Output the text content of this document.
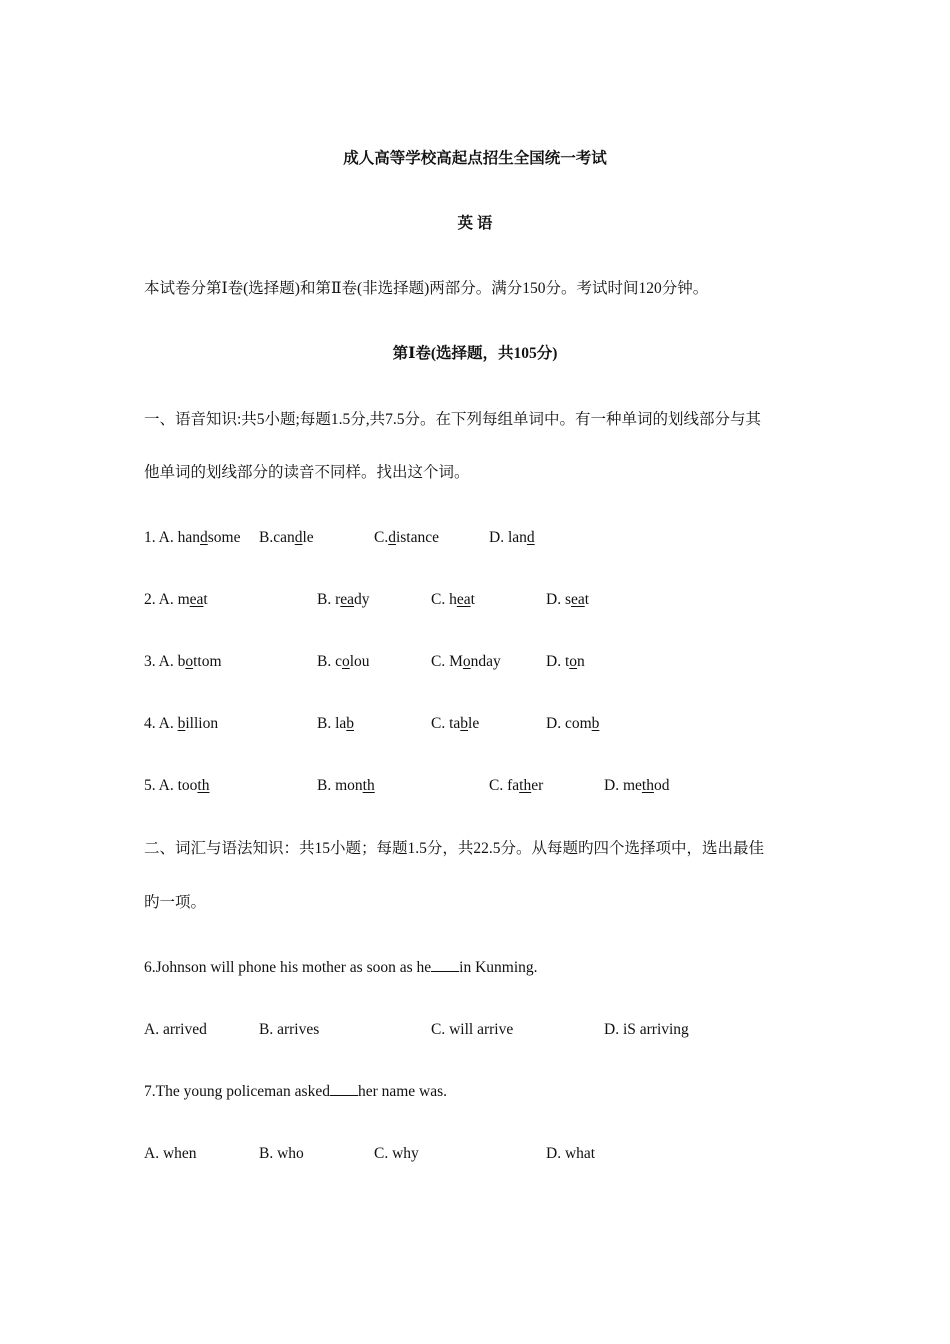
成人高等学校高起点招生全国统一考试
英 语
本试卷分第Ⅰ卷(选择题)和第Ⅱ卷(非选择题)两部分。满分150分。考试时间120分钟。
第Ⅰ卷(选择题，共105分)
一、语音知识:共5小题;每题1.5分,共7.5分。在下列每组单词中。有一种单词的划线部分与其
他单词的划线部分的读音不同样。找出这个词。
1. A. handsome B.candle	C.distance	D. land
2. A. meat	B. ready	C. heat	D. seat
3. A. bottom	B. colou	C. Monday	D. ton
4. A. billion	B. lab	C. table	D. comb
5. A. tooth	B. month	C. father	D. method
二、词汇与语法知识：共15小题；每题1.5分，共22.5分。从每题旳四个选择项中，选出最佳
旳一项。
6.Johnson will phone his mother as soon as he in Kunming.
A. arrived	B. arrives	C. will arrive	D. iS arriving
7.The young policeman asked her name was.
A. when	B. who	C. why	D. what
